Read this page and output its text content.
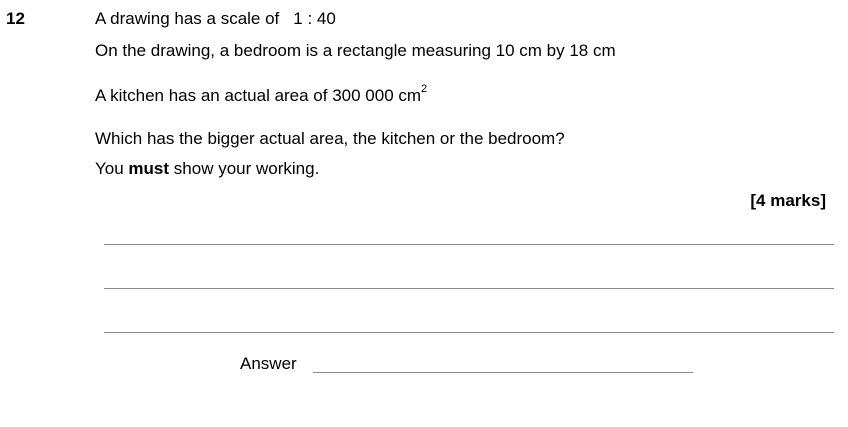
12	A drawing has a scale of 1 : 40
On the drawing, a bedroom is a rectangle measuring 10 cm by 18 cm
A kitchen has an actual area of 300 000 $cm^2$
Which has the bigger actual area, the kitchen or the bedroom?
You must show your working.
[4 marks]
Answer
